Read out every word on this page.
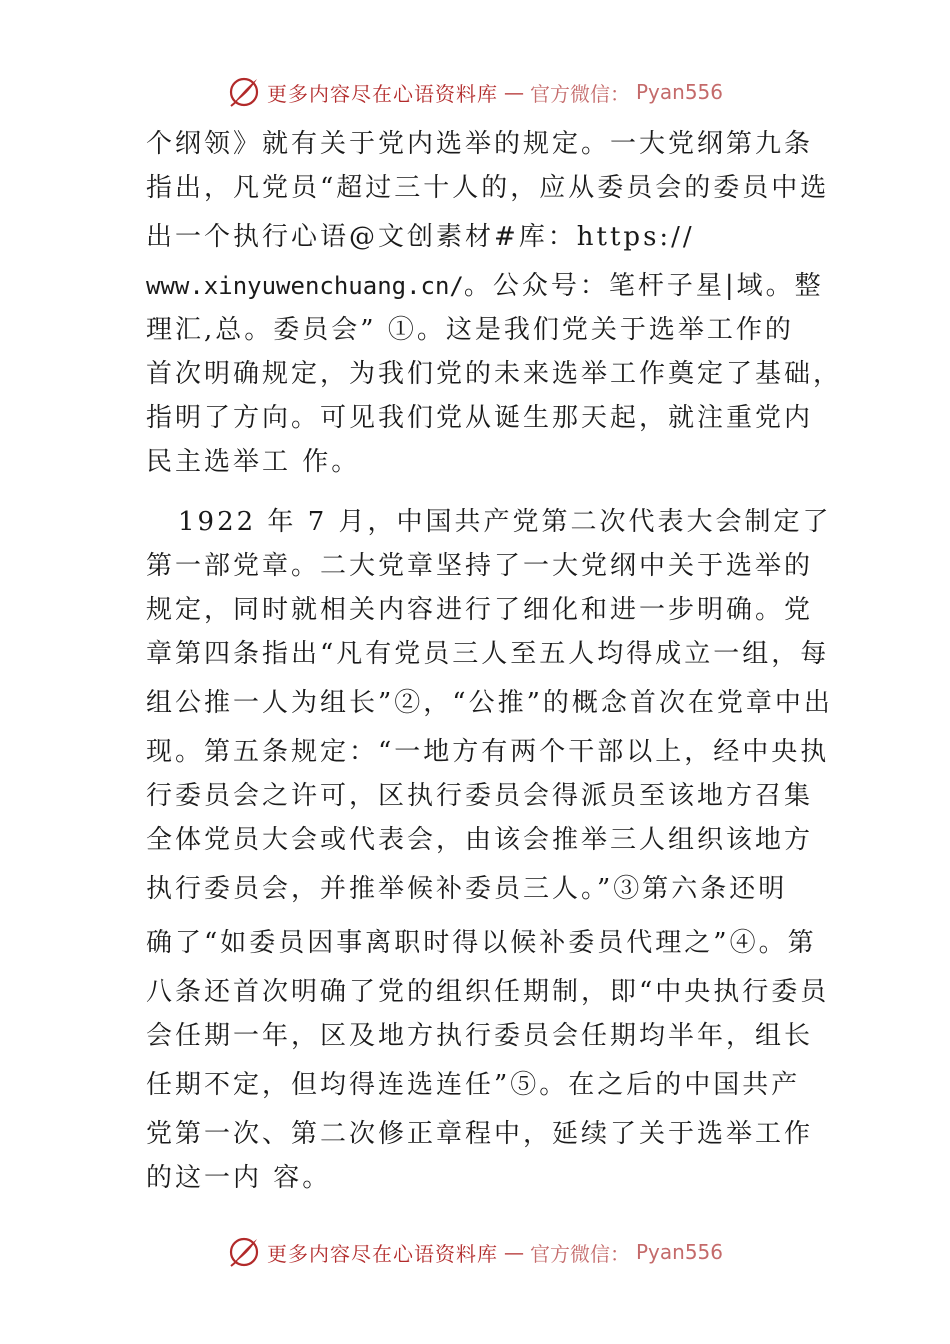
更多内容尽在心语资料库 — 官方微信： Pyan556
个纲领》就有关于党内选举的规定。一大党纲第九条
指出，凡党员“超过三十人的，应从委员会的委员中选
出一个执行心语@文创素材#库：https://
www.xinyuwenchuang.cn/。公众号：笔杆子星|域。整
理汇,总。委员会” ①。这是我们党关于选举工作的
首次明确规定，为我们党的未来选举工作奠定了基础，
指明了方向。可见我们党从诞生那天起，就注重党内
民主选举工 作。
1922 年 7 月，中国共产党第二次代表大会制定了
第一部党章。二大党章坚持了一大党纲中关于选举的
规定，同时就相关内容进行了细化和进一步明确。党
章第四条指出“凡有党员三人至五人均得成立一组，每
组公推一人为组长”②，“公推”的概念首次在党章中出
现。第五条规定：“一地方有两个干部以上，经中央执
行委员会之许可，区执行委员会得派员至该地方召集
全体党员大会或代表会，由该会推举三人组织该地方
执行委员会，并推举候补委员三人。”③第六条还明
确了“如委员因事离职时得以候补委员代理之”④。第
八条还首次明确了党的组织任期制，即“中央执行委员
会任期一年，区及地方执行委员会任期均半年，组长
任期不定，但均得连选连任”⑤。在之后的中国共产
党第一次、第二次修正章程中，延续了关于选举工作
的这一内 容。
更多内容尽在心语资料库 — 官方微信： Pyan556
